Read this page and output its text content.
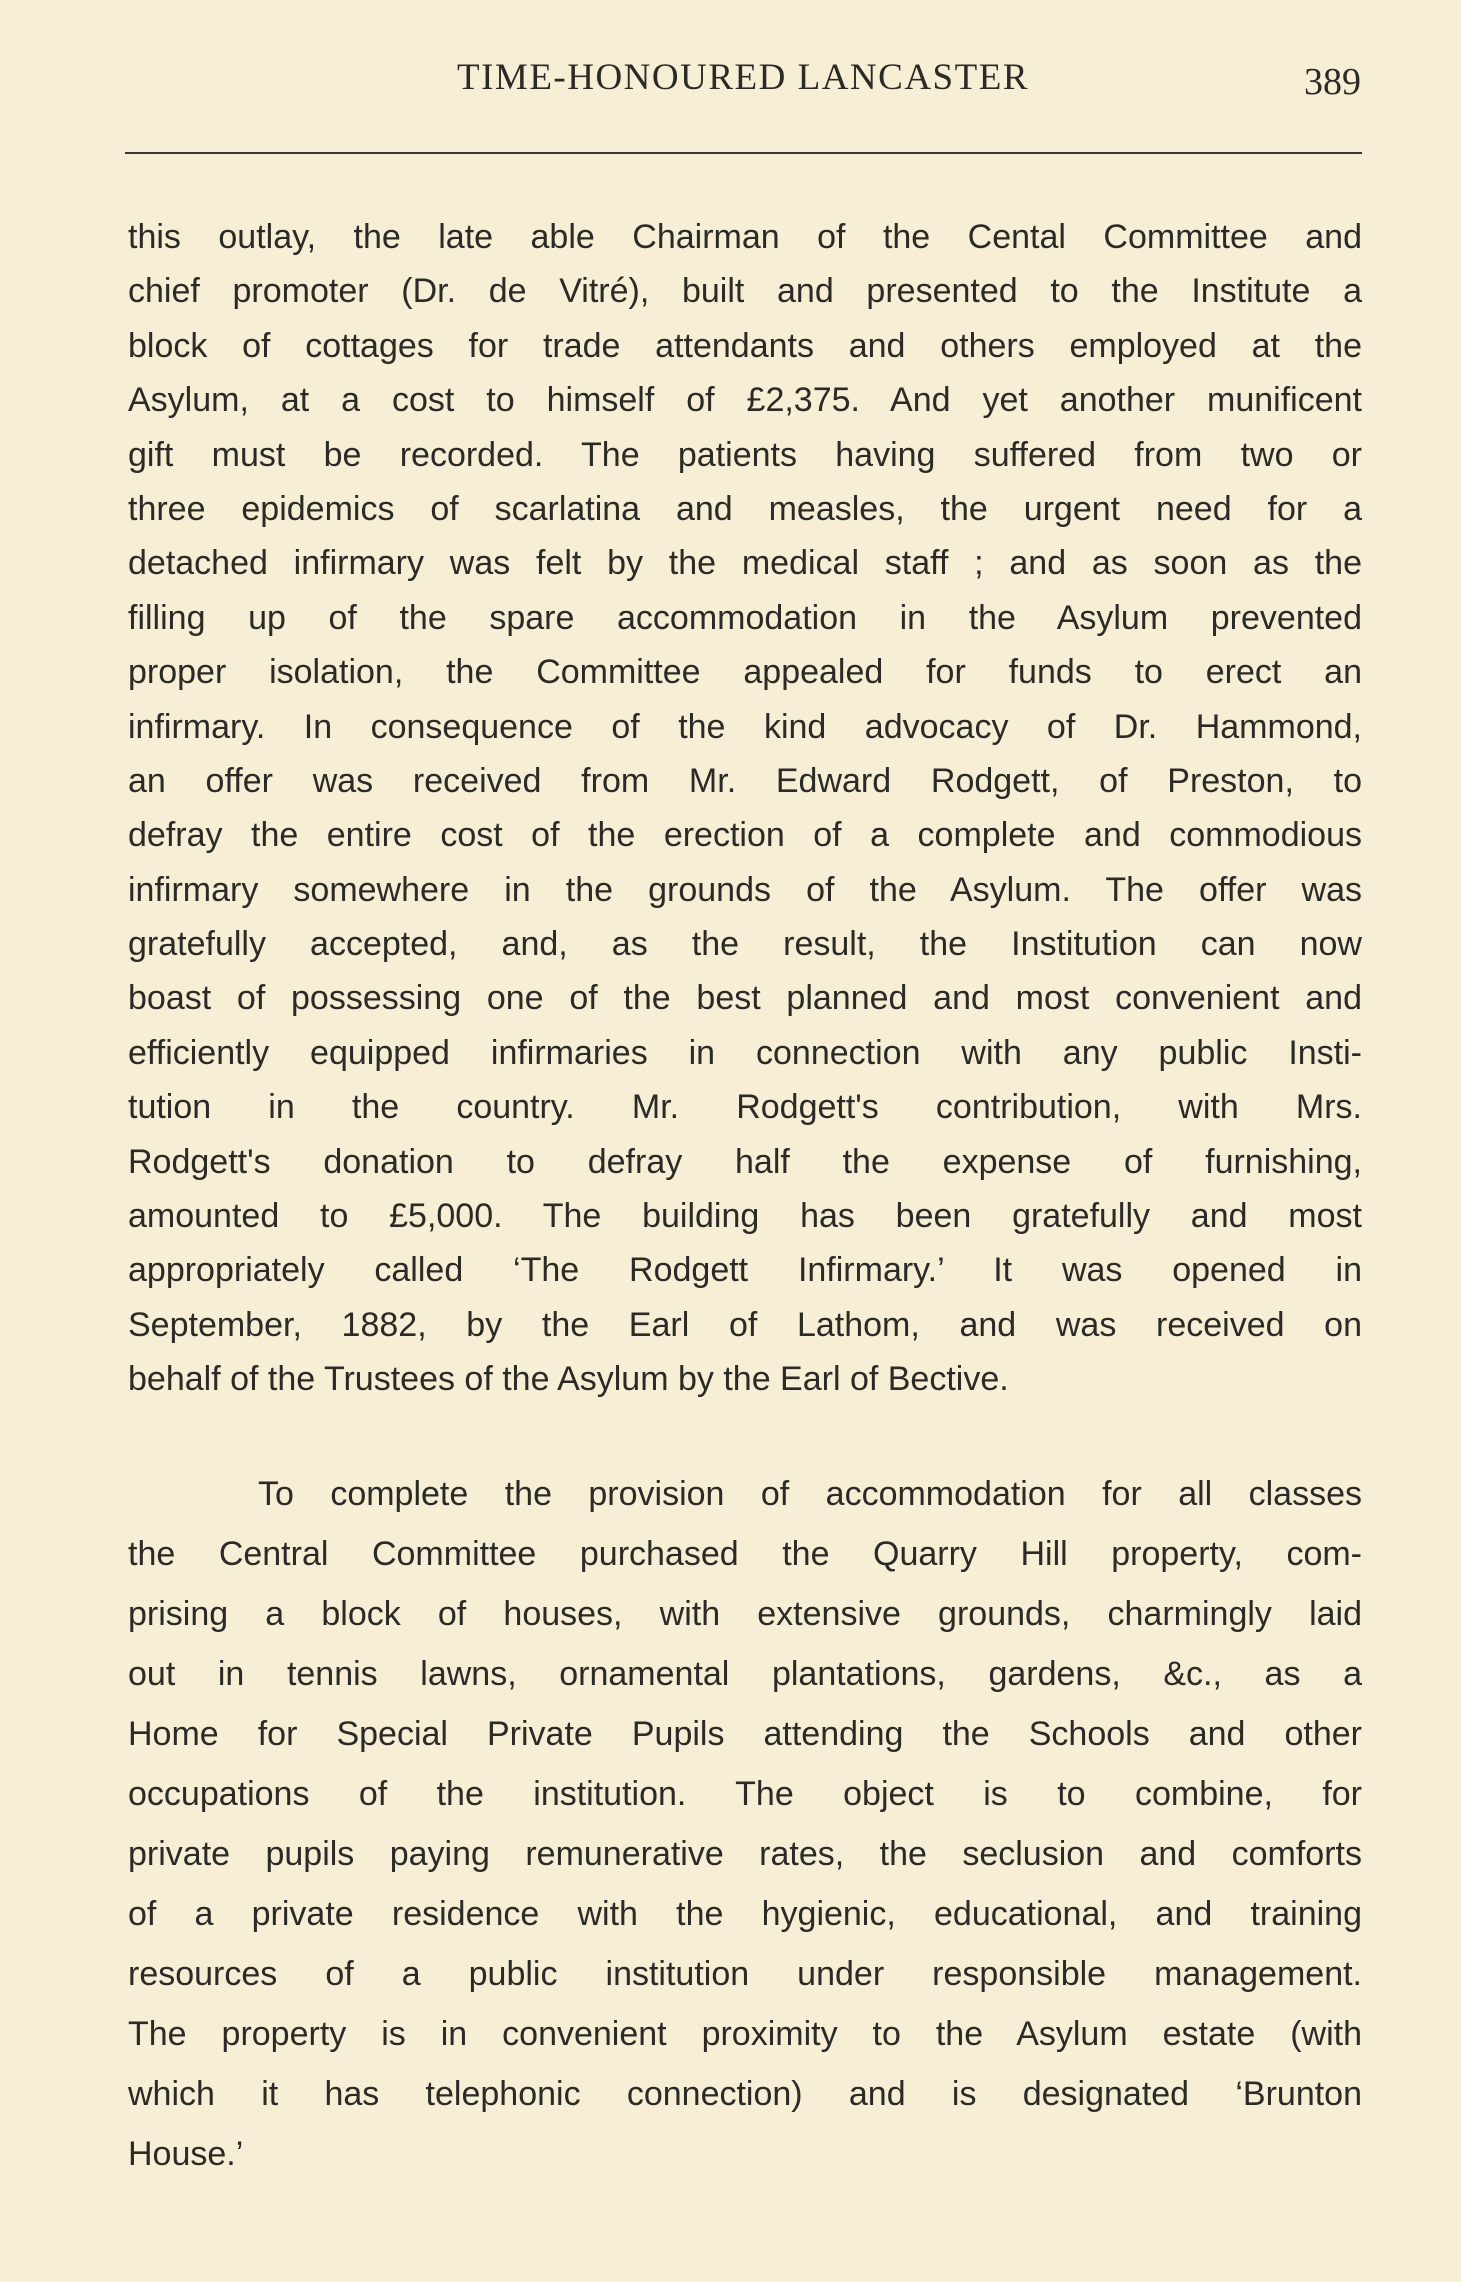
TIME-HONOURED LANCASTER	389
this outlay, the late able Chairman of the Cental Committee and
chief promoter (Dr. de Vitré), built and presented to the Institute a
block of cottages for trade attendants and others employed at the
Asylum, at a cost to himself of £2,375. And yet another munificent
gift must be recorded. The patients having suffered from two or
three epidemics of scarlatina and measles, the urgent need for a
detached infirmary was felt by the medical staff ; and as soon as the
filling up of the spare accommodation in the Asylum prevented
proper isolation, the Committee appealed for funds to erect an
infirmary. In consequence of the kind advocacy of Dr. Hammond,
an offer was received from Mr. Edward Rodgett, of Preston, to
defray the entire cost of the erection of a complete and commodious
infirmary somewhere in the grounds of the Asylum. The offer was
gratefully accepted, and, as the result, the Institution can now
boast of possessing one of the best planned and most convenient and
efficiently equipped infirmaries in connection with any public Insti-
tution in the country. Mr. Rodgett's contribution, with Mrs.
Rodgett's donation to defray half the expense of furnishing,
amounted to £5,000. The building has been gratefully and most
appropriately called ‘The Rodgett Infirmary.’ It was opened in
September, 1882, by the Earl of Lathom, and was received on
behalf of the Trustees of the Asylum by the Earl of Bective.
To complete the provision of accommodation for all classes
the Central Committee purchased the Quarry Hill property, com-
prising a block of houses, with extensive grounds, charmingly laid
out in tennis lawns, ornamental plantations, gardens, &c., as a
Home for Special Private Pupils attending the Schools and other
occupations of the institution. The object is to combine, for
private pupils paying remunerative rates, the seclusion and comforts
of a private residence with the hygienic, educational, and training
resources of a public institution under responsible management.
The property is in convenient proximity to the Asylum estate (with
which it has telephonic connection) and is designated ‘Brunton
House.’
